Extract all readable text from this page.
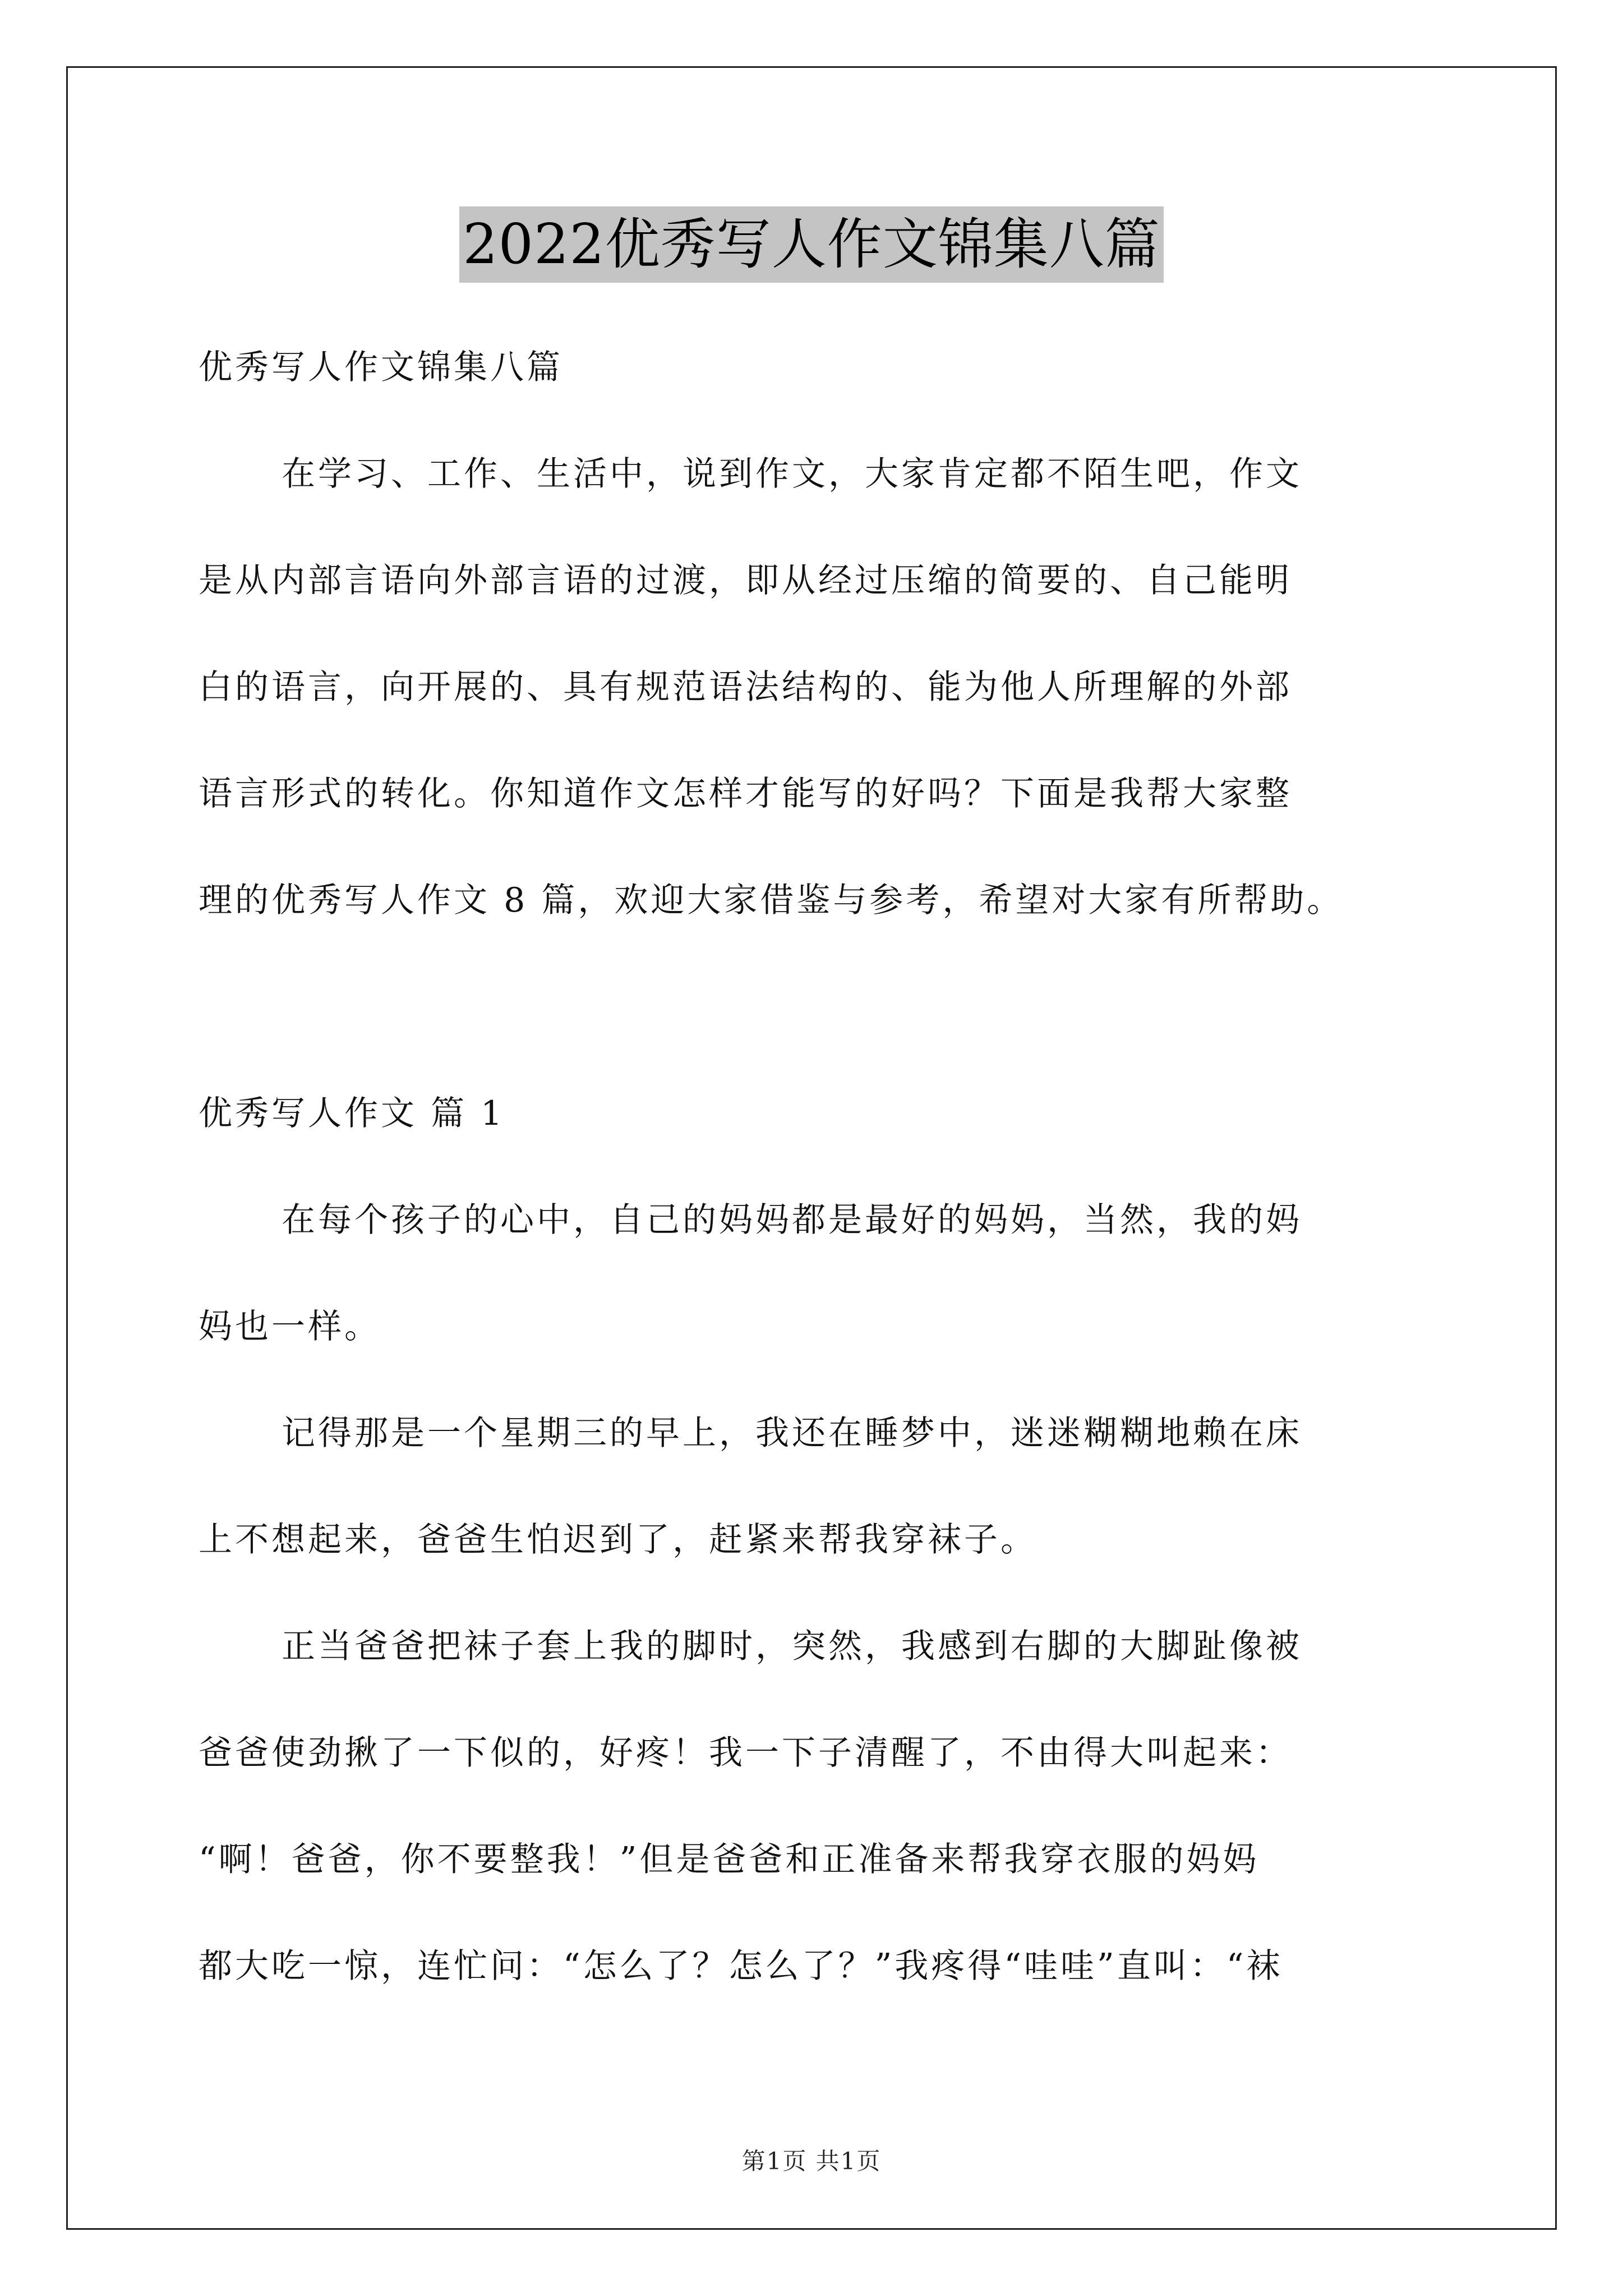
2022优秀写人作文锦集八篇
优秀写人作文锦集八篇
在学习、工作、生活中，说到作文，大家肯定都不陌生吧，作文
是从内部言语向外部言语的过渡，即从经过压缩的简要的、自己能明
白的语言，向开展的、具有规范语法结构的、能为他人所理解的外部
语言形式的转化。你知道作文怎样才能写的好吗？下面是我帮大家整
理的优秀写人作文 8 篇，欢迎大家借鉴与参考，希望对大家有所帮助。
优秀写人作文 篇 1
在每个孩子的心中，自己的妈妈都是最好的妈妈，当然，我的妈
妈也一样。
记得那是一个星期三的早上，我还在睡梦中，迷迷糊糊地赖在床
上不想起来，爸爸生怕迟到了，赶紧来帮我穿袜子。
正当爸爸把袜子套上我的脚时，突然，我感到右脚的大脚趾像被
爸爸使劲揪了一下似的，好疼！我一下子清醒了，不由得大叫起来：
“啊！爸爸，你不要整我！”但是爸爸和正准备来帮我穿衣服的妈妈
都大吃一惊，连忙问：“怎么了？怎么了？”我疼得“哇哇”直叫：“袜
第1页 共1页
